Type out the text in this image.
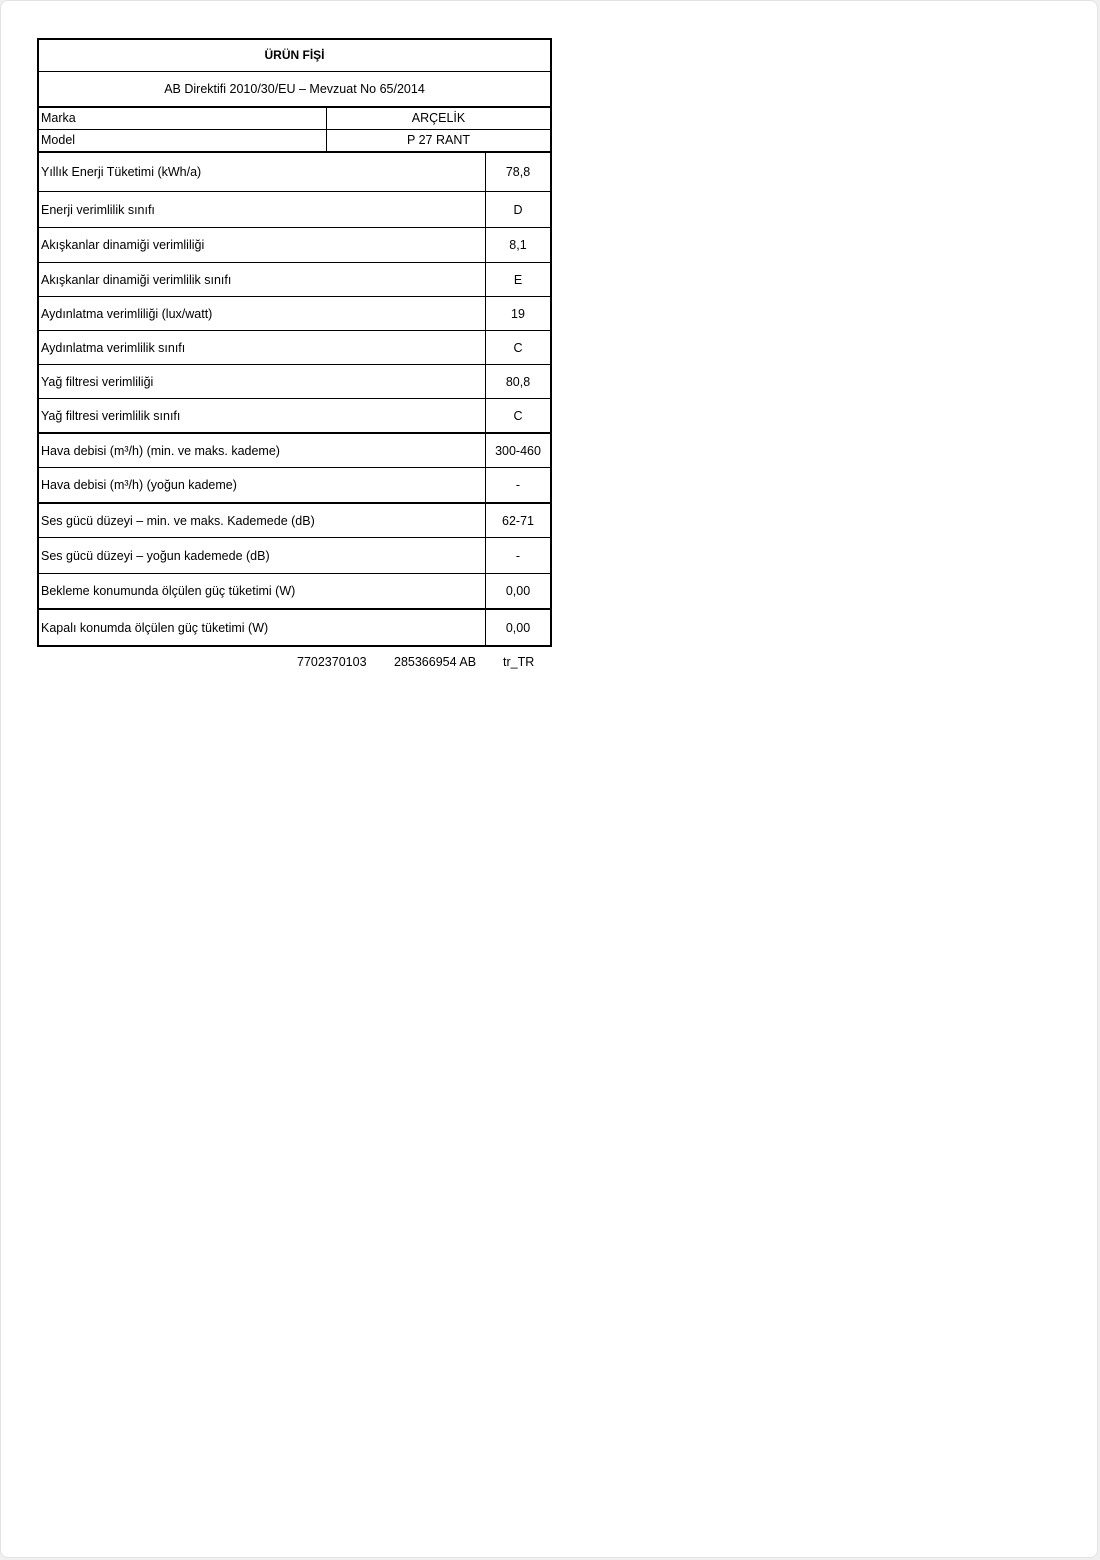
ÜRÜN FİŞİ
AB Direktifi 2010/30/EU – Mevzuat No 65/2014
Marka	ARÇELİK
Model	P 27 RANT
Yıllık Enerji Tüketimi (kWh/a)	78,8
Enerji verimlilik sınıfı	D
Akışkanlar dinamiği verimliliği	8,1
Akışkanlar dinamiği verimlilik sınıfı	E
Aydınlatma verimliliği (lux/watt)	19
Aydınlatma verimlilik sınıfı	C
Yağ filtresi verimliliği	80,8
Yağ filtresi verimlilik sınıfı	C
Hava debisi (m³/h) (min. ve maks. kademe)	300-460
Hava debisi (m³/h) (yoğun kademe)	-
Ses gücü düzeyi – min. ve maks. Kademede (dB)	62-71
Ses gücü düzeyi – yoğun kademede (dB)	-
Bekleme konumunda ölçülen güç tüketimi (W)	0,00
Kapalı konumda ölçülen güç tüketimi (W)	0,00
7702370103 285366954 AB tr_TR
